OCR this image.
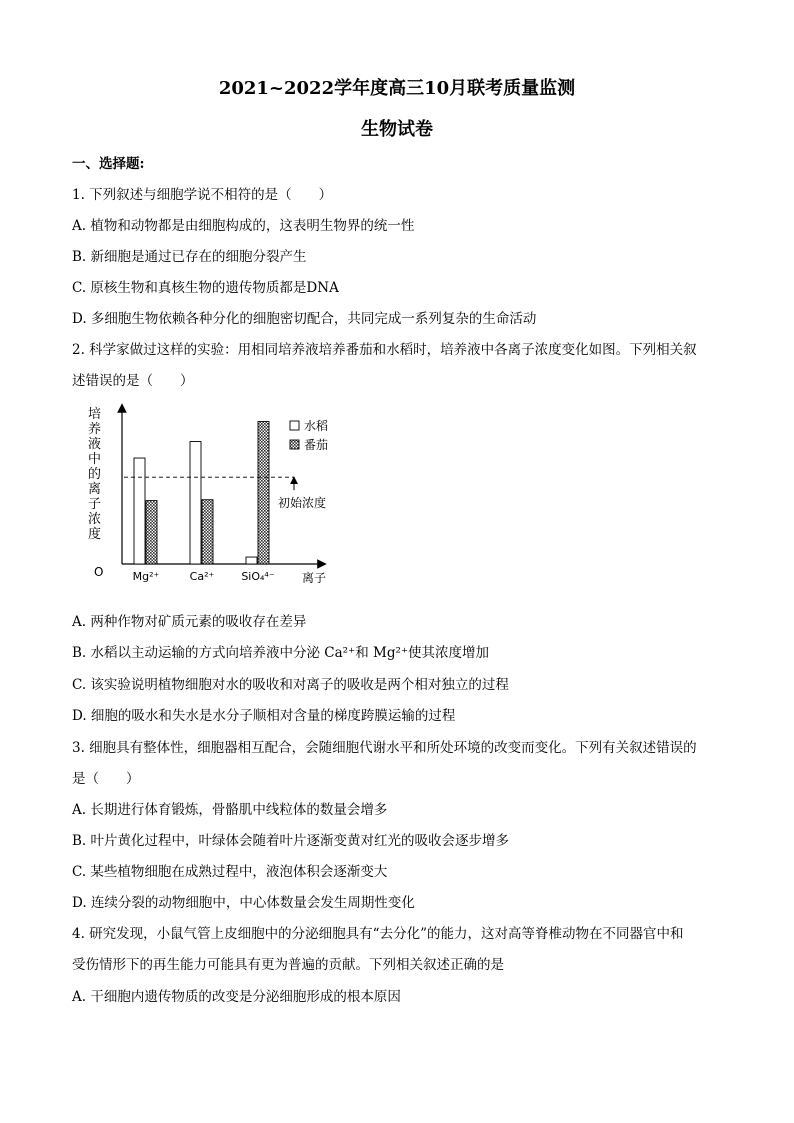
2021~2022学年度高三10月联考质量监测
生物试卷
一、选择题:
1. 下列叙述与细胞学说不相符的是（　　）
A. 植物和动物都是由细胞构成的，这表明生物界的统一性
B. 新细胞是通过已存在的细胞分裂产生
C. 原核生物和真核生物的遗传物质都是DNA
D. 多细胞生物依赖各种分化的细胞密切配合，共同完成一系列复杂的生命活动
2. 科学家做过这样的实验：用相同培养液培养番茄和水稻时，培养液中各离子浓度变化如图。下列相关叙
述错误的是（　　）
培
养
液
中
的
离
子
浓
度
O	离子
Mg²⁺	Ca²⁺ SiO₄⁴⁻
初始浓度
水稻
番茄
A. 两种作物对矿质元素的吸收存在差异
B. 水稻以主动运输的方式向培养液中分泌 Ca²⁺和 Mg²⁺使其浓度增加
C. 该实验说明植物细胞对水的吸收和对离子的吸收是两个相对独立的过程
D. 细胞的吸水和失水是水分子顺相对含量的梯度跨膜运输的过程
3. 细胞具有整体性，细胞器相互配合，会随细胞代谢水平和所处环境的改变而变化。下列有关叙述错误的
是（　　）
A. 长期进行体育锻炼，骨骼肌中线粒体的数量会增多
B. 叶片黄化过程中，叶绿体会随着叶片逐渐变黄对红光的吸收会逐步增多
C. 某些植物细胞在成熟过程中，液泡体积会逐渐变大
D. 连续分裂的动物细胞中，中心体数量会发生周期性变化
4. 研究发现，小鼠气管上皮细胞中的分泌细胞具有“去分化”的能力，这对高等脊椎动物在不同器官中和
受伤情形下的再生能力可能具有更为普遍的贡献。下列相关叙述正确的是
A. 干细胞内遗传物质的改变是分泌细胞形成的根本原因
